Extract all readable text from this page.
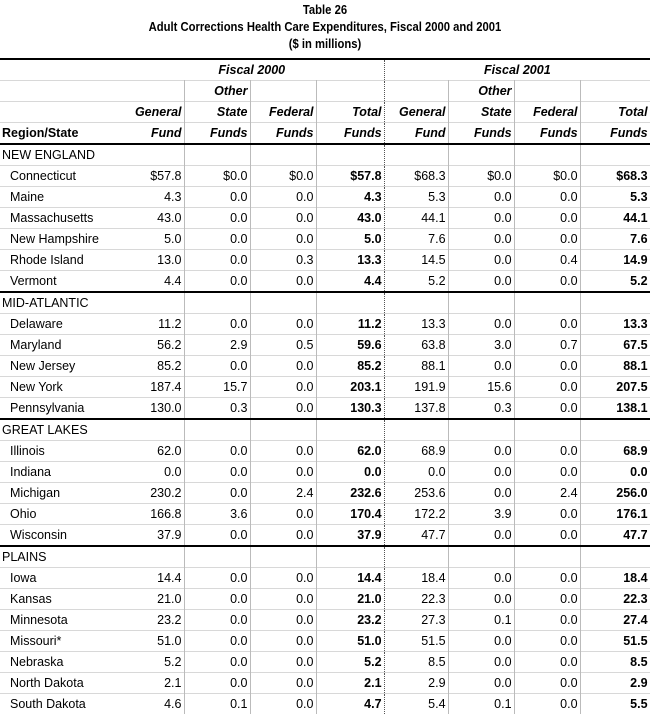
Table 26
Adult Corrections Health Care Expenditures, Fiscal 2000 and 2001
($ in millions)
	Fiscal 2000				Fiscal 2001			
		Other				Other		
	General	State	Federal	Total	General	State	Federal	Total
Region/State	Fund	Funds	Funds	Funds	Fund	Funds	Funds	Funds
NEW ENGLAND								
Connecticut	$57.8	$0.0	$0.0	$57.8	$68.3	$0.0	$0.0	$68.3
Maine	4.3	0.0	0.0	4.3	5.3	0.0	0.0	5.3
Massachusetts	43.0	0.0	0.0	43.0	44.1	0.0	0.0	44.1
New Hampshire	5.0	0.0	0.0	5.0	7.6	0.0	0.0	7.6
Rhode Island	13.0	0.0	0.3	13.3	14.5	0.0	0.4	14.9
Vermont	4.4	0.0	0.0	4.4	5.2	0.0	0.0	5.2
MID-ATLANTIC								
Delaware	11.2	0.0	0.0	11.2	13.3	0.0	0.0	13.3
Maryland	56.2	2.9	0.5	59.6	63.8	3.0	0.7	67.5
New Jersey	85.2	0.0	0.0	85.2	88.1	0.0	0.0	88.1
New York	187.4	15.7	0.0	203.1	191.9	15.6	0.0	207.5
Pennsylvania	130.0	0.3	0.0	130.3	137.8	0.3	0.0	138.1
GREAT LAKES								
Illinois	62.0	0.0	0.0	62.0	68.9	0.0	0.0	68.9
Indiana	0.0	0.0	0.0	0.0	0.0	0.0	0.0	0.0
Michigan	230.2	0.0	2.4	232.6	253.6	0.0	2.4	256.0
Ohio	166.8	3.6	0.0	170.4	172.2	3.9	0.0	176.1
Wisconsin	37.9	0.0	0.0	37.9	47.7	0.0	0.0	47.7
PLAINS								
Iowa	14.4	0.0	0.0	14.4	18.4	0.0	0.0	18.4
Kansas	21.0	0.0	0.0	21.0	22.3	0.0	0.0	22.3
Minnesota	23.2	0.0	0.0	23.2	27.3	0.1	0.0	27.4
Missouri*	51.0	0.0	0.0	51.0	51.5	0.0	0.0	51.5
Nebraska	5.2	0.0	0.0	5.2	8.5	0.0	0.0	8.5
North Dakota	2.1	0.0	0.0	2.1	2.9	0.0	0.0	2.9
South Dakota	4.6	0.1	0.0	4.7	5.4	0.1	0.0	5.5
